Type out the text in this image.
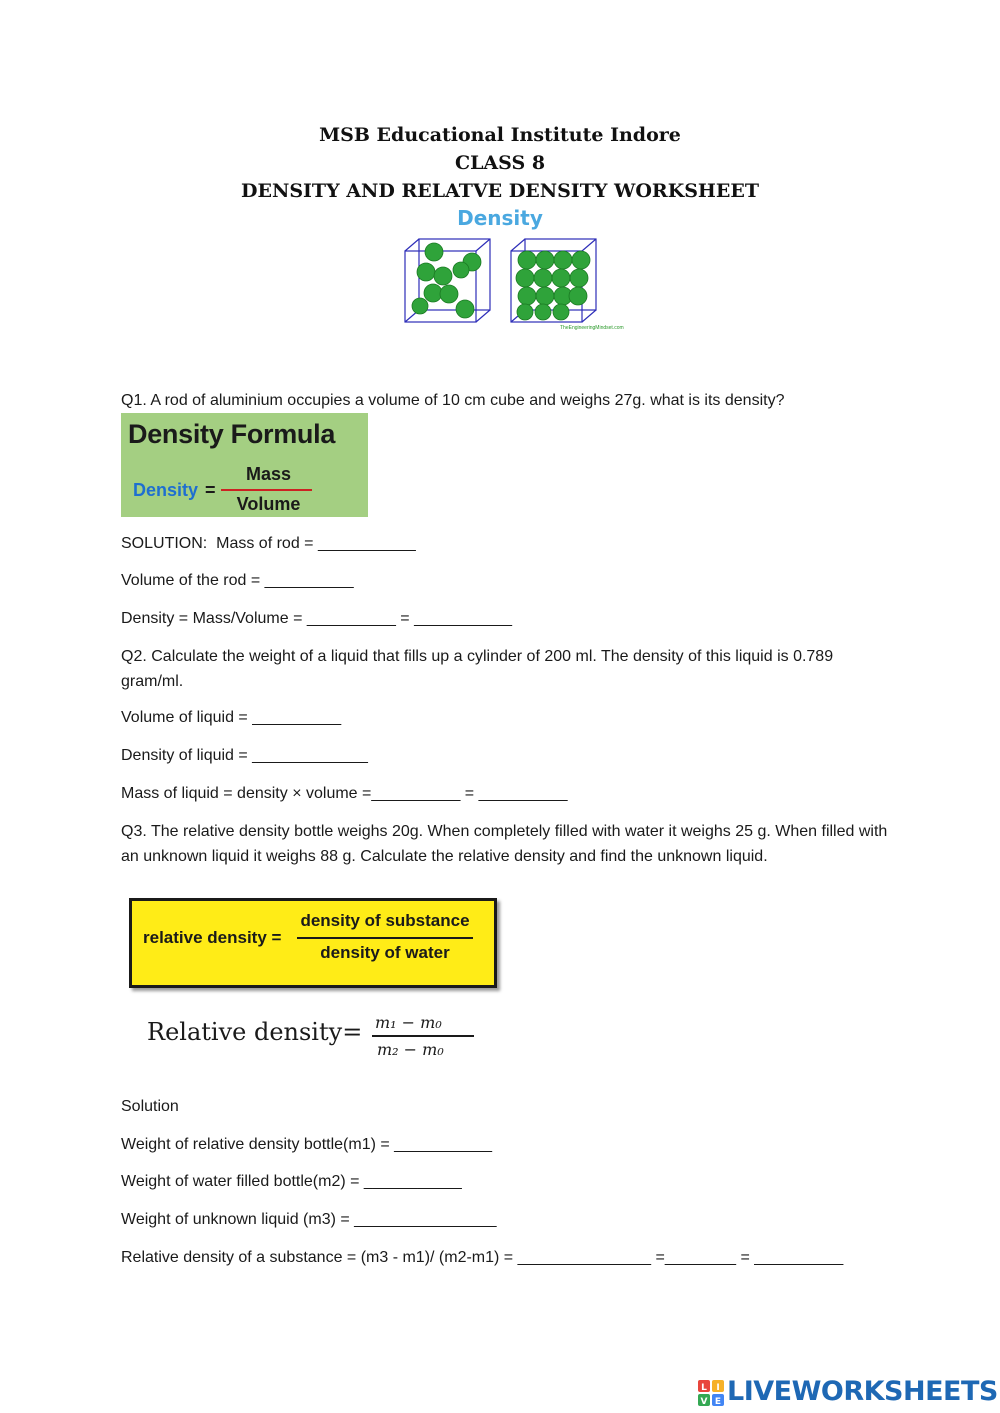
MSB Educational Institute Indore
CLASS 8
DENSITY AND RELATVE DENSITY WORKSHEET
Density
TheEngineeringMindset.com
Q1. A rod of aluminium occupies a volume of 10 cm cube and weighs 27g. what is its density?
Density Formula
Density =
Mass
Volume
SOLUTION:  Mass of rod = ___________
Volume of the rod = __________
Density = Mass/Volume = __________ = ___________
Q2. Calculate the weight of a liquid that fills up a cylinder of 200 ml. The density of this liquid is 0.789 gram/ml.
Volume of liquid = __________
Density of liquid = _____________
Mass of liquid = density × volume =__________ = __________
Q3. The relative density bottle weighs 20g. When completely filled with water it weighs 25 g. When filled with an unknown liquid it weighs 88 g. Calculate the relative density and find the unknown liquid.
relative density =
density of substance
density of water
Relative density= m₁ − m₀
m₂ − m₀
Solution
Weight of relative density bottle(m1) = ___________
Weight of water filled bottle(m2) = ___________
Weight of unknown liquid (m3) = ________________
Relative density of a substance = (m3 - m1)/ (m2-m1) = _______________ =________ = __________
L I
V E LIVEWORKSHEETS
